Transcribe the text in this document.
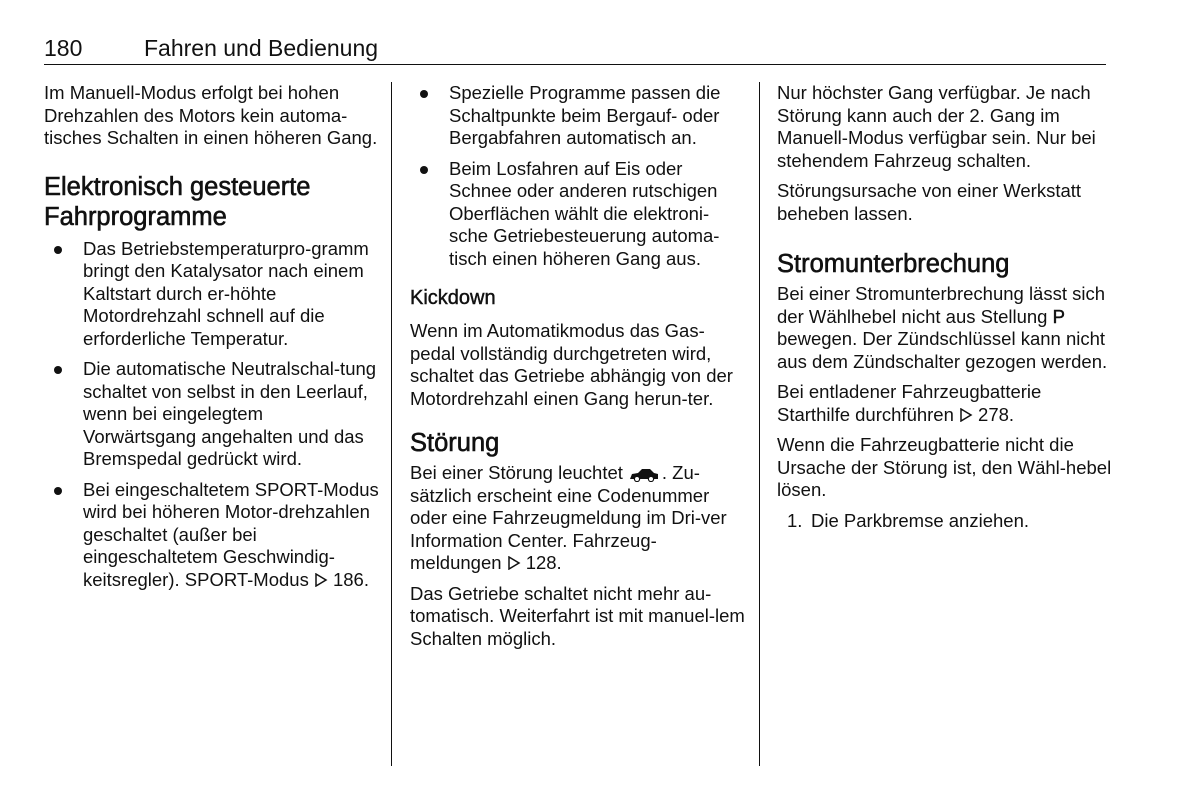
180	Fahren und Bedienung

Im Manuell-Modus erfolgt bei hohen Drehzahlen des Motors kein automa- tisches Schalten in einen höheren Gang.

Elektronisch gesteuerte
Fahrprogramme
Das Betriebstemperaturpro-gramm bringt den Katalysator nach einem Kaltstart durch er-höhte Motordrehzahl schnell auf die erforderliche Temperatur.
Die automatische Neutralschal-tung schaltet von selbst in den Leerlauf, wenn bei eingelegtem Vorwärtsgang angehalten und das Bremspedal gedrückt wird.
Bei eingeschaltetem SPORT-Modus wird bei höheren Motor-drehzahlen geschaltet (außer bei eingeschaltetem Geschwindig-keitsregler). SPORT-Modus 186.
Spezielle Programme passen die Schaltpunkte beim Bergauf- oder Bergabfahren automatisch an.
Beim Losfahren auf Eis oder Schnee oder anderen rutschigen Oberflächen wählt die elektroni-sche Getriebesteuerung automa-tisch einen höheren Gang aus.
Kickdown

Wenn im Automatikmodus das Gas-pedal vollständig durchgetreten wird, schaltet das Getriebe abhängig von der Motordrehzahl einen Gang herun-ter.

Störung

Bei einer Störung leuchtet . Zu-sätzlich erscheint eine Codenummer oder eine Fahrzeugmeldung im Dri-ver Information Center. Fahrzeug-meldungen 128.

Das Getriebe schaltet nicht mehr au-tomatisch. Weiterfahrt ist mit manuel-lem Schalten möglich.

Nur höchster Gang verfügbar. Je nach Störung kann auch der 2. Gang im Manuell-Modus verfügbar sein. Nur bei stehendem Fahrzeug schalten.

Störungsursache von einer Werkstatt beheben lassen.

Stromunterbrechung

Bei einer Stromunterbrechung lässt sich der Wählhebel nicht aus Stellung P bewegen. Der Zündschlüssel kann nicht aus dem Zündschalter gezogen werden.

Bei entladener Fahrzeugbatterie Starthilfe durchführen 278.

Wenn die Fahrzeugbatterie nicht die Ursache der Störung ist, den Wähl-hebel lösen.

1. Die Parkbremse anziehen.
